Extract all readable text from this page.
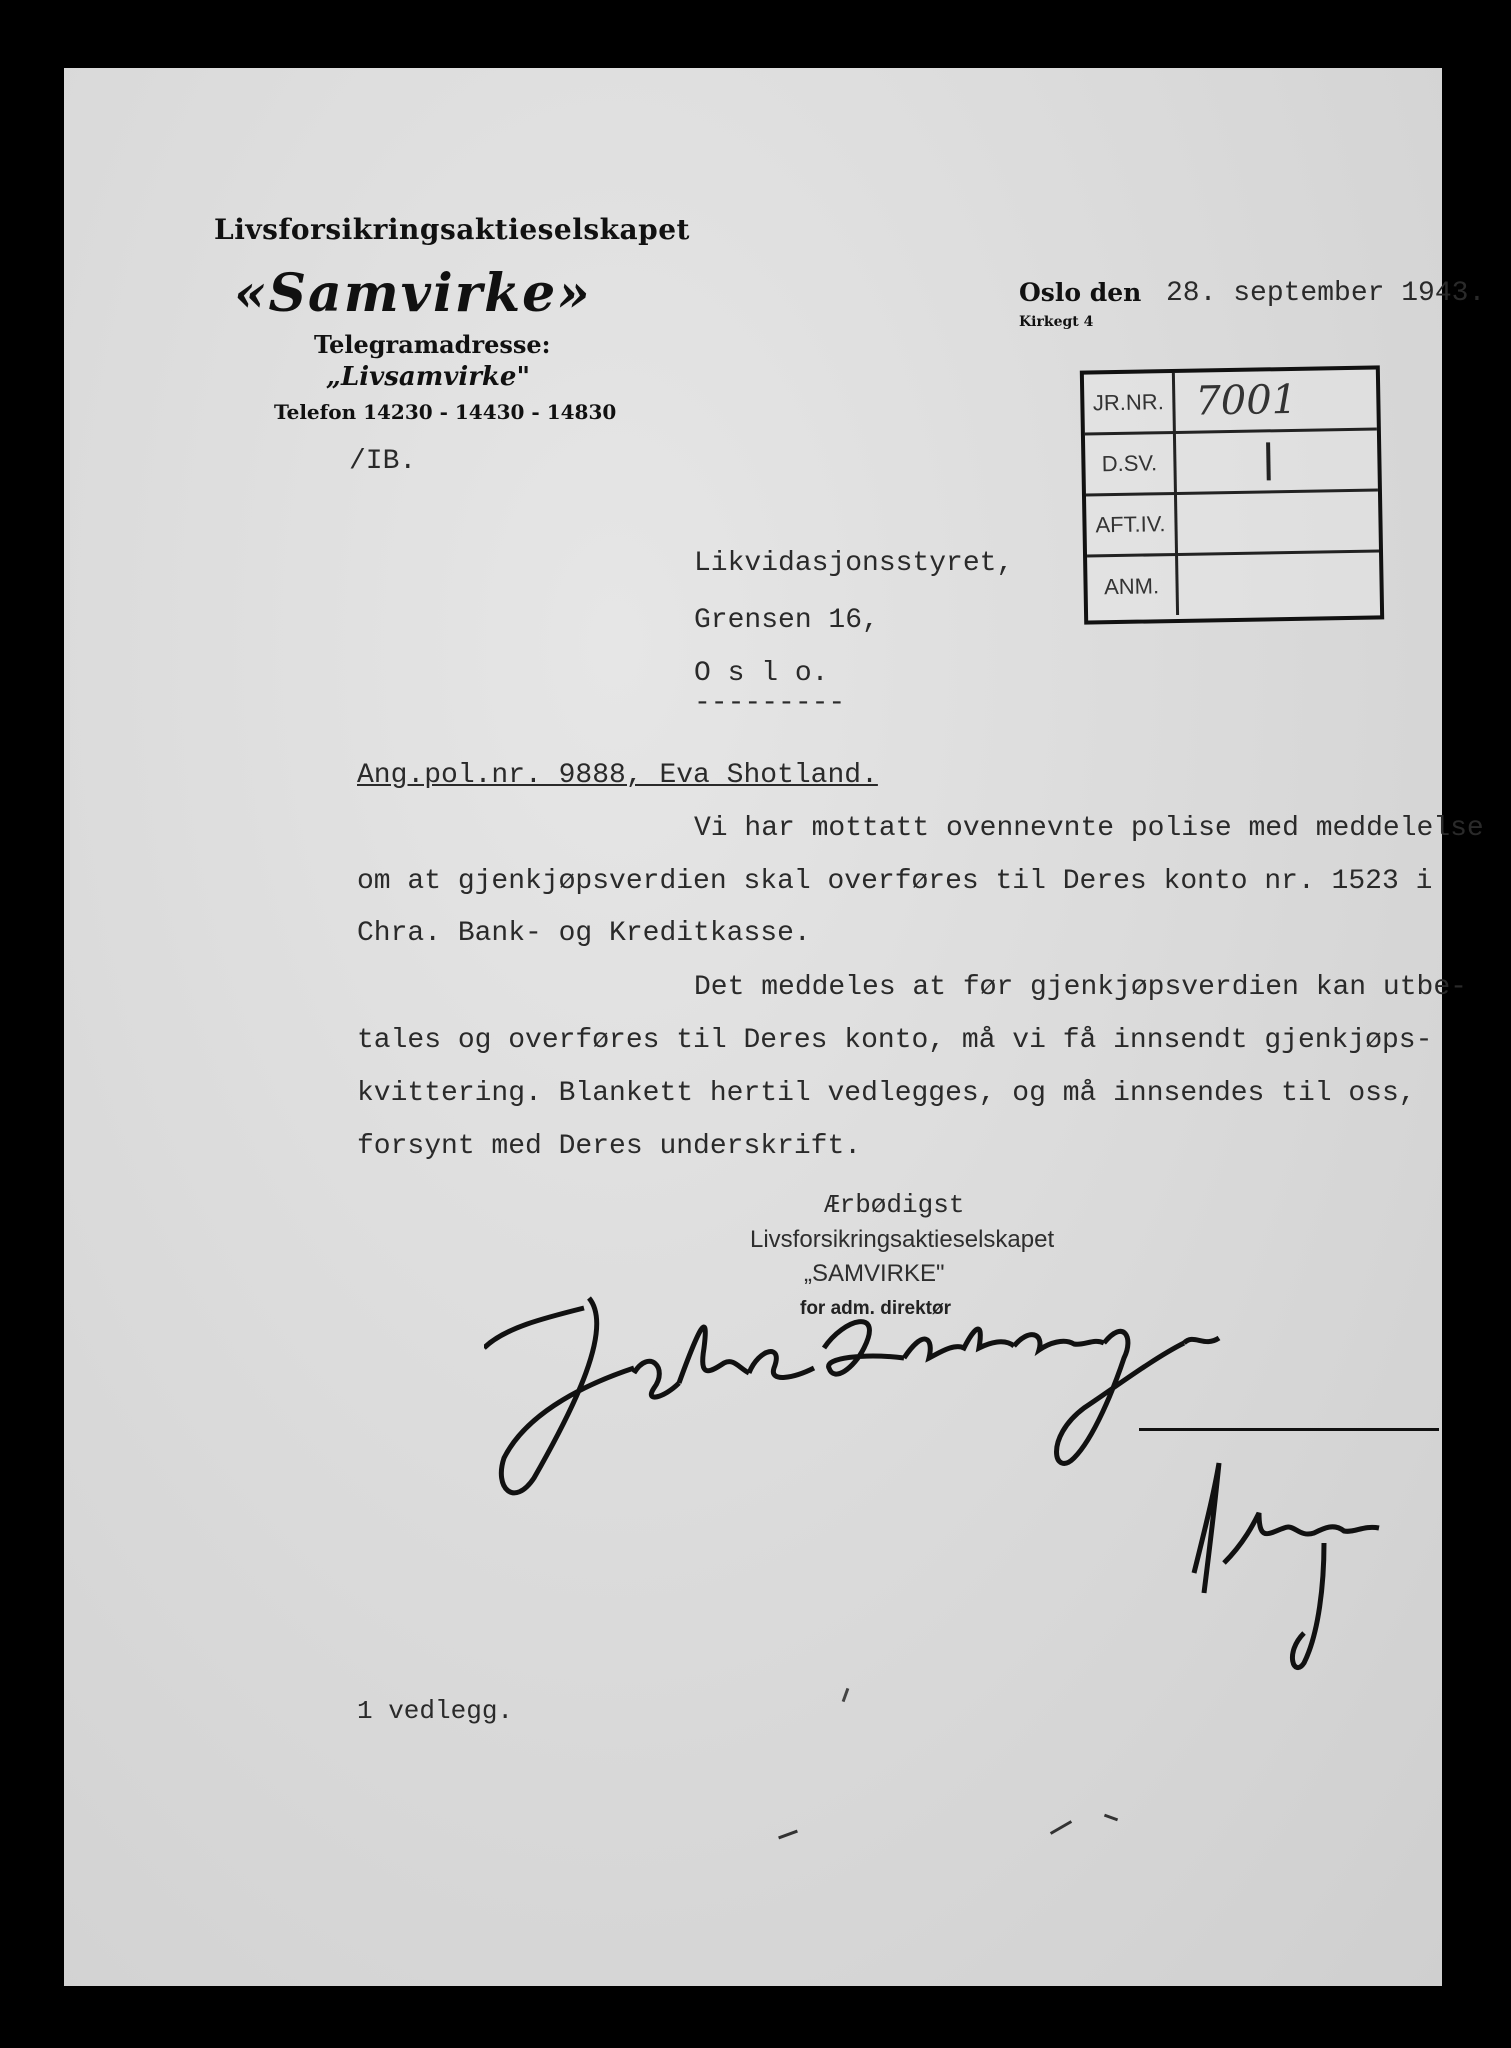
Livsforsikringsaktieselskapet
«Samvirke»
Telegramadresse:
„Livsamvirke"
Telefon 14230 - 14430 - 14830
Oslo den
Kirkegt 4
28. september 1943.
/IB.
JR.NR. 7001
D.SV.
AFT.IV.
ANM.
Likvidasjonsstyret,
Grensen 16,
O s l o.
---------
Ang.pol.nr. 9888, Eva Shotland.
Vi har mottatt ovennevnte polise med meddelelse
om at gjenkjøpsverdien skal overføres til Deres konto nr. 1523 i
Chra. Bank- og Kreditkasse.
Det meddeles at før gjenkjøpsverdien kan utbe-
tales og overføres til Deres konto, må vi få innsendt gjenkjøps-
kvittering. Blankett hertil vedlegges, og må innsendes til oss,
forsynt med Deres underskrift.
Ærbødigst
Livsforsikringsaktieselskapet
„SAMVIRKE"
for adm. direktør
1 vedlegg.
